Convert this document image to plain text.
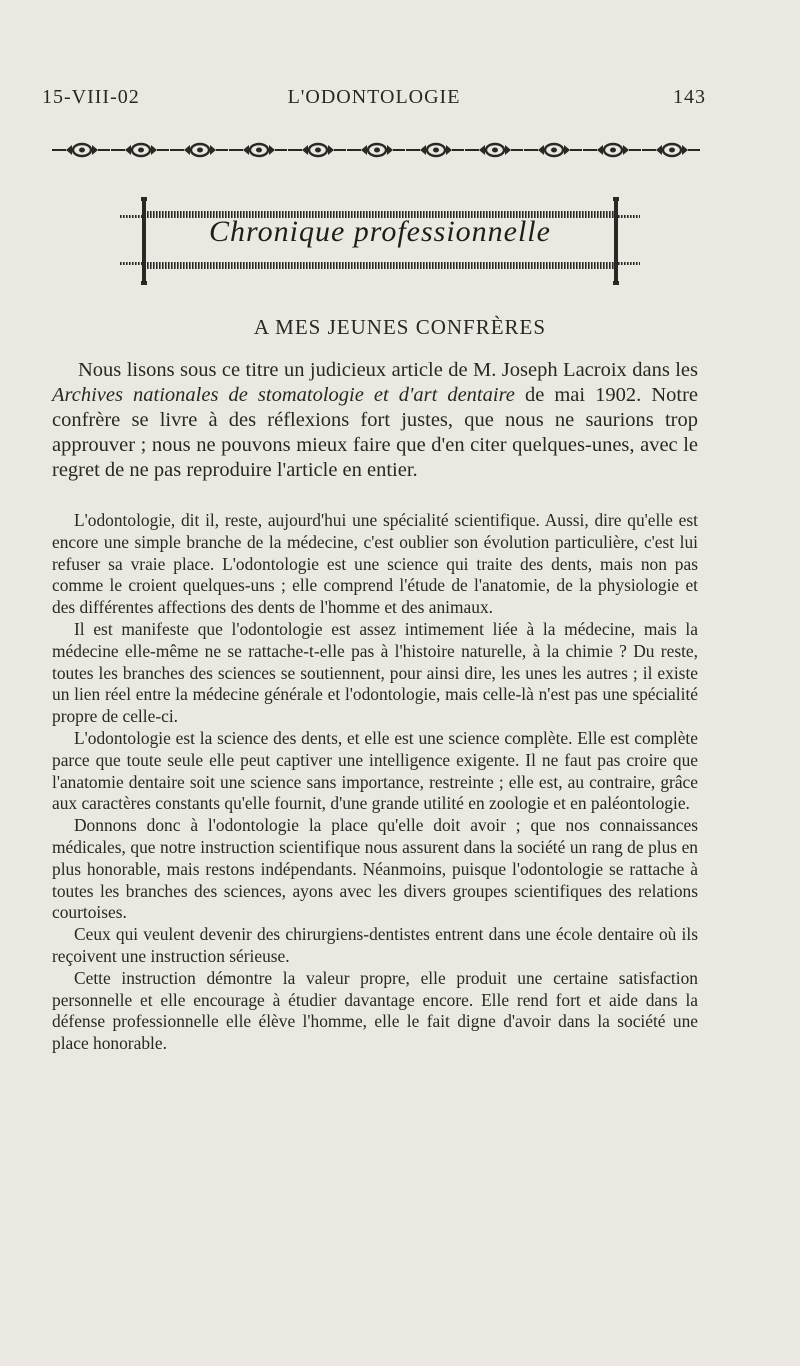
15-VIII-02	L'ODONTOLOGIE	143
Chronique professionnelle
A MES JEUNES CONFRÈRES

Nous lisons sous ce titre un judicieux article de M. Joseph Lacroix dans les Archives nationales de stomatologie et d'art dentaire de mai 1902. Notre confrère se livre à des réflexions fort justes, que nous ne saurions trop approuver ; nous ne pouvons mieux faire que d'en citer quelques-unes, avec le regret de ne pas reproduire l'article en entier.

L'odontologie, dit il, reste, aujourd'hui une spécialité scientifique. Aussi, dire qu'elle est encore une simple branche de la médecine, c'est oublier son évolution particulière, c'est lui refuser sa vraie place. L'odontologie est une science qui traite des dents, mais non pas comme le croient quelques-uns ; elle comprend l'étude de l'anatomie, de la physiologie et des différentes affections des dents de l'homme et des animaux.

Il est manifeste que l'odontologie est assez intimement liée à la médecine, mais la médecine elle-même ne se rattache-t-elle pas à l'histoire naturelle, à la chimie ? Du reste, toutes les branches des sciences se soutiennent, pour ainsi dire, les unes les autres ; il existe un lien réel entre la médecine générale et l'odontologie, mais celle-là n'est pas une spécialité propre de celle-ci.

L'odontologie est la science des dents, et elle est une science complète. Elle est complète parce que toute seule elle peut captiver une intelligence exigente. Il ne faut pas croire que l'anatomie dentaire soit une science sans importance, restreinte ; elle est, au contraire, grâce aux caractères constants qu'elle fournit, d'une grande utilité en zoologie et en paléontologie.

Donnons donc à l'odontologie la place qu'elle doit avoir ; que nos connaissances médicales, que notre instruction scientifique nous assurent dans la société un rang de plus en plus honorable, mais restons indépendants. Néanmoins, puisque l'odontologie se rattache à toutes les branches des sciences, ayons avec les divers groupes scientifiques des relations courtoises.

Ceux qui veulent devenir des chirurgiens-dentistes entrent dans une école dentaire où ils reçoivent une instruction sérieuse.

Cette instruction démontre la valeur propre, elle produit une certaine satisfaction personnelle et elle encourage à étudier davantage encore. Elle rend fort et aide dans la défense professionnelle elle élève l'homme, elle le fait digne d'avoir dans la société une place honorable.
